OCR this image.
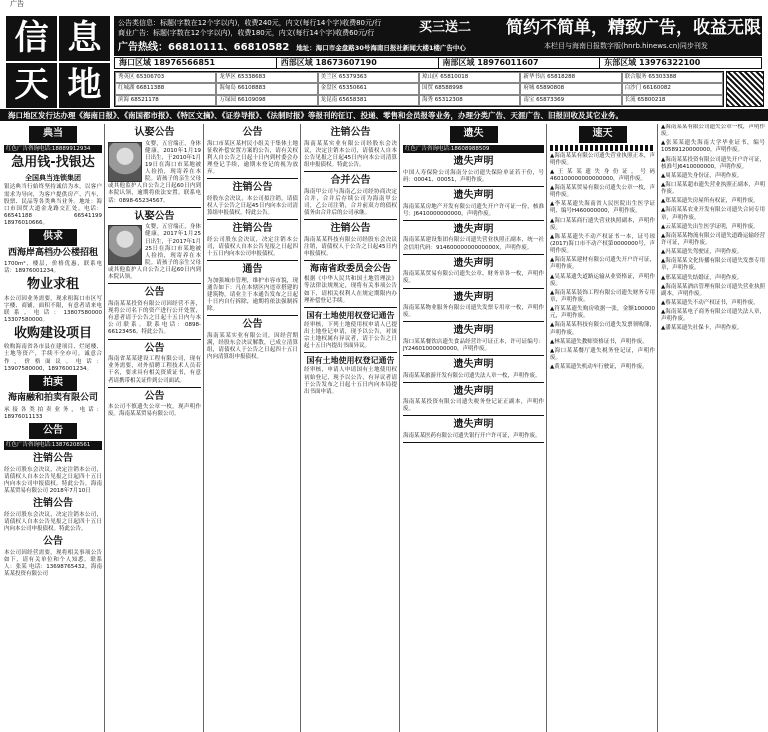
广告
信 息
天 地
公告类信息：标题(字数在12个字以内)，收费240元，内文(每行14个字)收费80元/行
商业广告：标题(字数在12个字以内)，收费180元，内文(每行14个字)收费60元/行
广告热线：66810111、66810582 地址：海口市金盘路30号海南日报社新闻大楼1楼广告中心
买三送二 简约不简单，精致广告，收益无限
本栏目与海南日报数字版(hnrb.hinews.cn)同步刊发
海口区域 18976566851	西部区域 18673607190	南部区域 18976011607	东部区域 13976322100
秀英区 65306703	龙华区 65338683	美兰区 65379363	琼山区 65810018	新华书店 65818288	联合服务 65303388
红城湖 66811388	海甸岛 66108883	金盘区 65350661	国贸 68588998	府城 65890808	白沙门 66160082
滨海 68521178	万绿园 66109098	龙昆南 65658381	海秀 65312308	南宝 65873369	长流 65800218
海口地区发行达办理《海南日报》、《南国都市报》、《特区文摘》、《证券导报》、《法制时报》等报刊的征订、投递、零售和会员报等业务，办理分类广告、天涯广告、旧报回收及其它业务。
典当
红色广告咨询电话:18889912934
急用钱-找银达
全国典当连锁集团
银达典当行始终坚持诚信为本，以客户需求为导向，为客户提供房产、汽车、股票、民品等各类典当业务。地址：海口市国贸大道金龙路交汇处。电话：66541188 66541199 18976010666。
供求
西海岸高档办公楼招租
1700m²，楼层，价格优惠，联系电话：18976001234。
物业求租
本公司因业务需要，现求租海口市区写字楼、商铺，面积不限，有意者请来电联系。电话：13807580000 13307580000。
收购建设项目
收购海南省各市县在建项目、烂尾楼、土地等资产，手续不全亦可，诚意合作，价格面议。电话：13907580000，18976001234。
拍卖
海南融和拍卖有限公司
承接各类拍卖业务，电话：18976011133
公告
红色广告咨询电话:13876208561
注销公告
经公司股东会决议，决定注销本公司，请债权人自本公告见报之日起四十五日内向本公司申报债权。特此公告。海南某某贸易有限公司 2018年7月10日
注销公告
经公司股东会决议，决定注销本公司，请债权人自本公告见报之日起四十五日内向本公司申报债权。特此公告。
公告
本公司因经营需要，现将相关事项公告如下，请有关单位和个人知悉。联系人：张某 电话：13698765432。海南某某投资有限公司
认娶公告
女婴，五官端正，身体健康，2010年1月19日出生，于2010年1月19日在海口市某地被人捡拾，现寄养在本院。请孩子的亲生父母或其他监护人自公告之日起60日内到本院认领，逾期将依法安置。联系电话：0898-65234567。
认娶公告
女婴，五官端正，身体健康，2017年1月25日出生，于2017年1月25日在海口市某地被人捡拾，现寄养在本院。请孩子的亲生父母或其他监护人自公告之日起60日内到本院认领。
公告
海南某某投资有限公司因经营不善，现将公司名下的资产进行公开处置，有意者请于公告之日起十五日内与本公司联系。联系电话：0898-66123456。特此公告。
公告
海南省某某建设工程有限公司，现有业务需要，对外招聘工程技术人员若干名，要求具有相关资质证书，有意者请携带相关证件到公司面试。
公告
本公司不慎遗失公章一枚，现声明作废。海南某某贸易有限公司。
公告
海口市某区某村民小组关于集体土地征收补偿安置方案的公告，请有关权利人自公告之日起十日内到村委会办理登记手续，逾期未登记的视为放弃。
注销公告
经股东会决议，本公司拟注销，请债权人于公告之日起45日内向本公司清算组申报债权。特此公告。
注销公告
经公司股东会决议，决定注销本公司，请债权人自本公告见报之日起四十五日内向本公司申报债权。
通告
为加强城市管理，维护市容市貌，现通告如下：凡在本辖区内违章搭建的建筑物，请业主于本通告发布之日起十日内自行拆除，逾期将依法强制拆除。
公告
海南某某实业有限公司，因经营期满，经股东会决议解散，已成立清算组，请债权人于公告之日起四十五日内向清算组申报债权。
注销公告
海南某某实业有限公司经股东会决议，决定注销本公司，请债权人自本公告见报之日起45日内向本公司清算组申报债权。特此公告。
合并公告
海南甲公司与海南乙公司经协商决定合并，合并后存续公司为海南甲公司，乙公司注销，合并前双方的债权债务由合并后的公司承继。
注销公告
海南某某科技有限公司经股东会决议注销，请债权人于公告之日起45日内申报债权。
海南省政委员会公告
根据《中华人民共和国土地管理法》等法律法规规定，现将有关事项公告如下，请相关权利人在规定期限内办理补偿登记手续。
国有土地使用权登记通告
经审核，下列土地使用权申请人已提出土地登记申请，现予以公告，对该宗土地权属有异议者，请于公告之日起十五日内提出书面异议。
国有土地使用权登记通告
经审核，申请人申请国有土地使用权初始登记，现予以公告，有异议者请于公告发布之日起十五日内向本局提出书面申请。
遗失
红色广告咨询电话:18608988509
遗失声明
中国人寿保险公司海南分公司遗失保险单证若干份，号码：00041、00051，声明作废。
遗失声明
海南某某房地产开发有限公司遗失开户许可证一份，核准号：J6410000000000，声明作废。
遗失声明
海南某某建设集团有限公司遗失营业执照正副本，统一社会信用代码：91460000000000000X，声明作废。
遗失声明
海南某某贸易有限公司遗失公章、财务章各一枚，声明作废。
遗失声明
海南某某物业服务有限公司遗失发票专用章一枚，声明作废。
遗失声明
海口某某餐饮店遗失食品经营许可证正本，许可证编号：JY24601000000000，声明作废。
遗失声明
海南某某旅游开发有限公司遗失法人章一枚，声明作废。
遗失声明
海南某某投资有限公司遗失税务登记证正副本，声明作废。
遗失声明
海南某某医药有限公司遗失银行开户许可证，声明作废。
速天
▲海南某某有限公司遗失营业执照正本，声明作废。
▲王某某遗失身份证，号码460100000000000000，声明作废。
▲海南某某贸易有限公司遗失公章一枚，声明作废。
▲李某某遗失海南省人民医院出生医学证明，编号H460000000，声明作废。
▲海口某某商行遗失营业执照副本，声明作废。
▲陈某某遗失不动产权证书一本，证号琼(2017)海口市不动产权第0000000号，声明作废。
▲海南某某建材有限公司遗失开户许可证，声明作废。
▲吴某某遗失道路运输从业资格证，声明作废。
▲海南某某装饰工程有限公司遗失财务专用章，声明作废。
▲符某某遗失购房收据一张，金额100000元，声明作废。
▲海南某某科技有限公司遗失发票领购簿，声明作废。
▲林某某遗失教师资格证书，声明作废。
▲海口某某餐厅遗失税务登记证，声明作废。
▲黄某某遗失机动车行驶证，声明作废。
▲海南某某有限公司遗失公章一枚，声明作废。
▲张某某遗失海南大学毕业证书，编号10589120000000，声明作废。
▲海南某某投资有限公司遗失开户许可证，核准号J6410000000，声明作废。
▲周某某遗失身份证，声明作废。
▲海口某某超市遗失营业执照正副本，声明作废。
▲郑某某遗失房屋所有权证，声明作废。
▲海南某某农业开发有限公司遗失合同专用章，声明作废。
▲云某某遗失出生医学证明，声明作废。
▲海南某某物流有限公司遗失道路运输经营许可证，声明作废。
▲冯某某遗失驾驶证，声明作废。
▲海南某某文化传播有限公司遗失发票专用章，声明作废。
▲邢某某遗失结婚证，声明作废。
▲海南某某酒店管理有限公司遗失营业执照副本，声明作废。
▲蔡某某遗失不动产权证书，声明作废。
▲海南某某电子商务有限公司遗失法人章，声明作废。
▲潘某某遗失社保卡，声明作废。
